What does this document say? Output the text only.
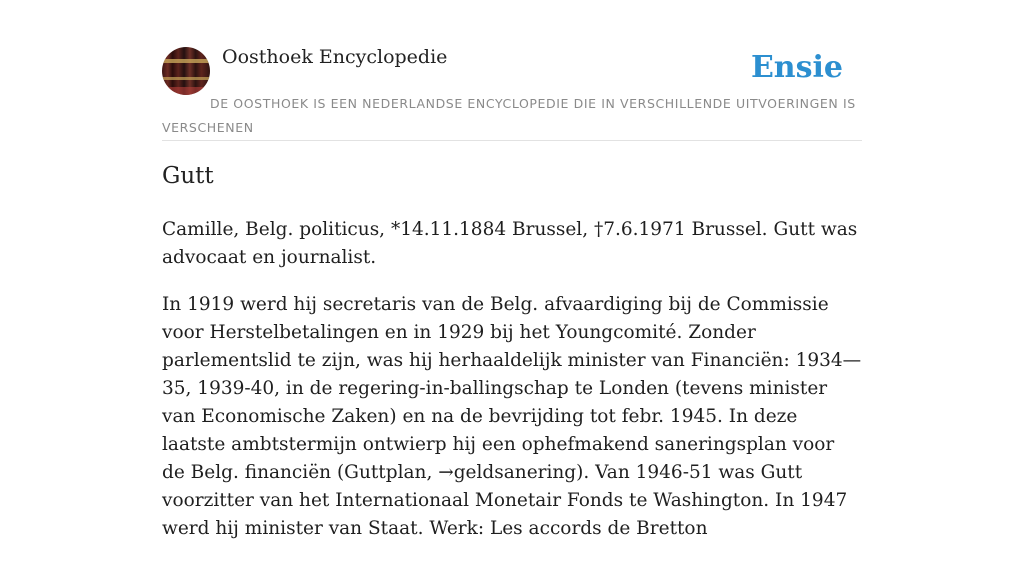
Oosthoek Encyclopedie	Ensie
DE OOSTHOEK IS EEN NEDERLANDSE ENCYCLOPEDIE DIE IN VERSCHILLENDE UITVOERINGEN IS VERSCHENEN
Gutt

Camille, Belg. politicus, *14.11.1884 Brussel, †7.6.1971 Brussel. Gutt was advocaat en journalist.

In 1919 werd hij secretaris van de Belg. afvaardiging bij de Commissie voor Herstelbetalingen en in 1929 bij het Youngcomité. Zonder parlementslid te zijn, was hij herhaaldelijk minister van Financiën: 1934— 35, 1939-40, in de regering-in-ballingschap te Londen (tevens minister van Economische Zaken) en na de bevrijding tot febr. 1945. In deze laatste ambtstermijn ontwierp hij een ophefmakend saneringsplan voor de Belg. financiën (Guttplan, →geldsanering). Van 1946-51 was Gutt voorzitter van het Internationaal Monetair Fonds te Washington. In 1947 werd hij minister van Staat. Werk: Les accords de Bretton
